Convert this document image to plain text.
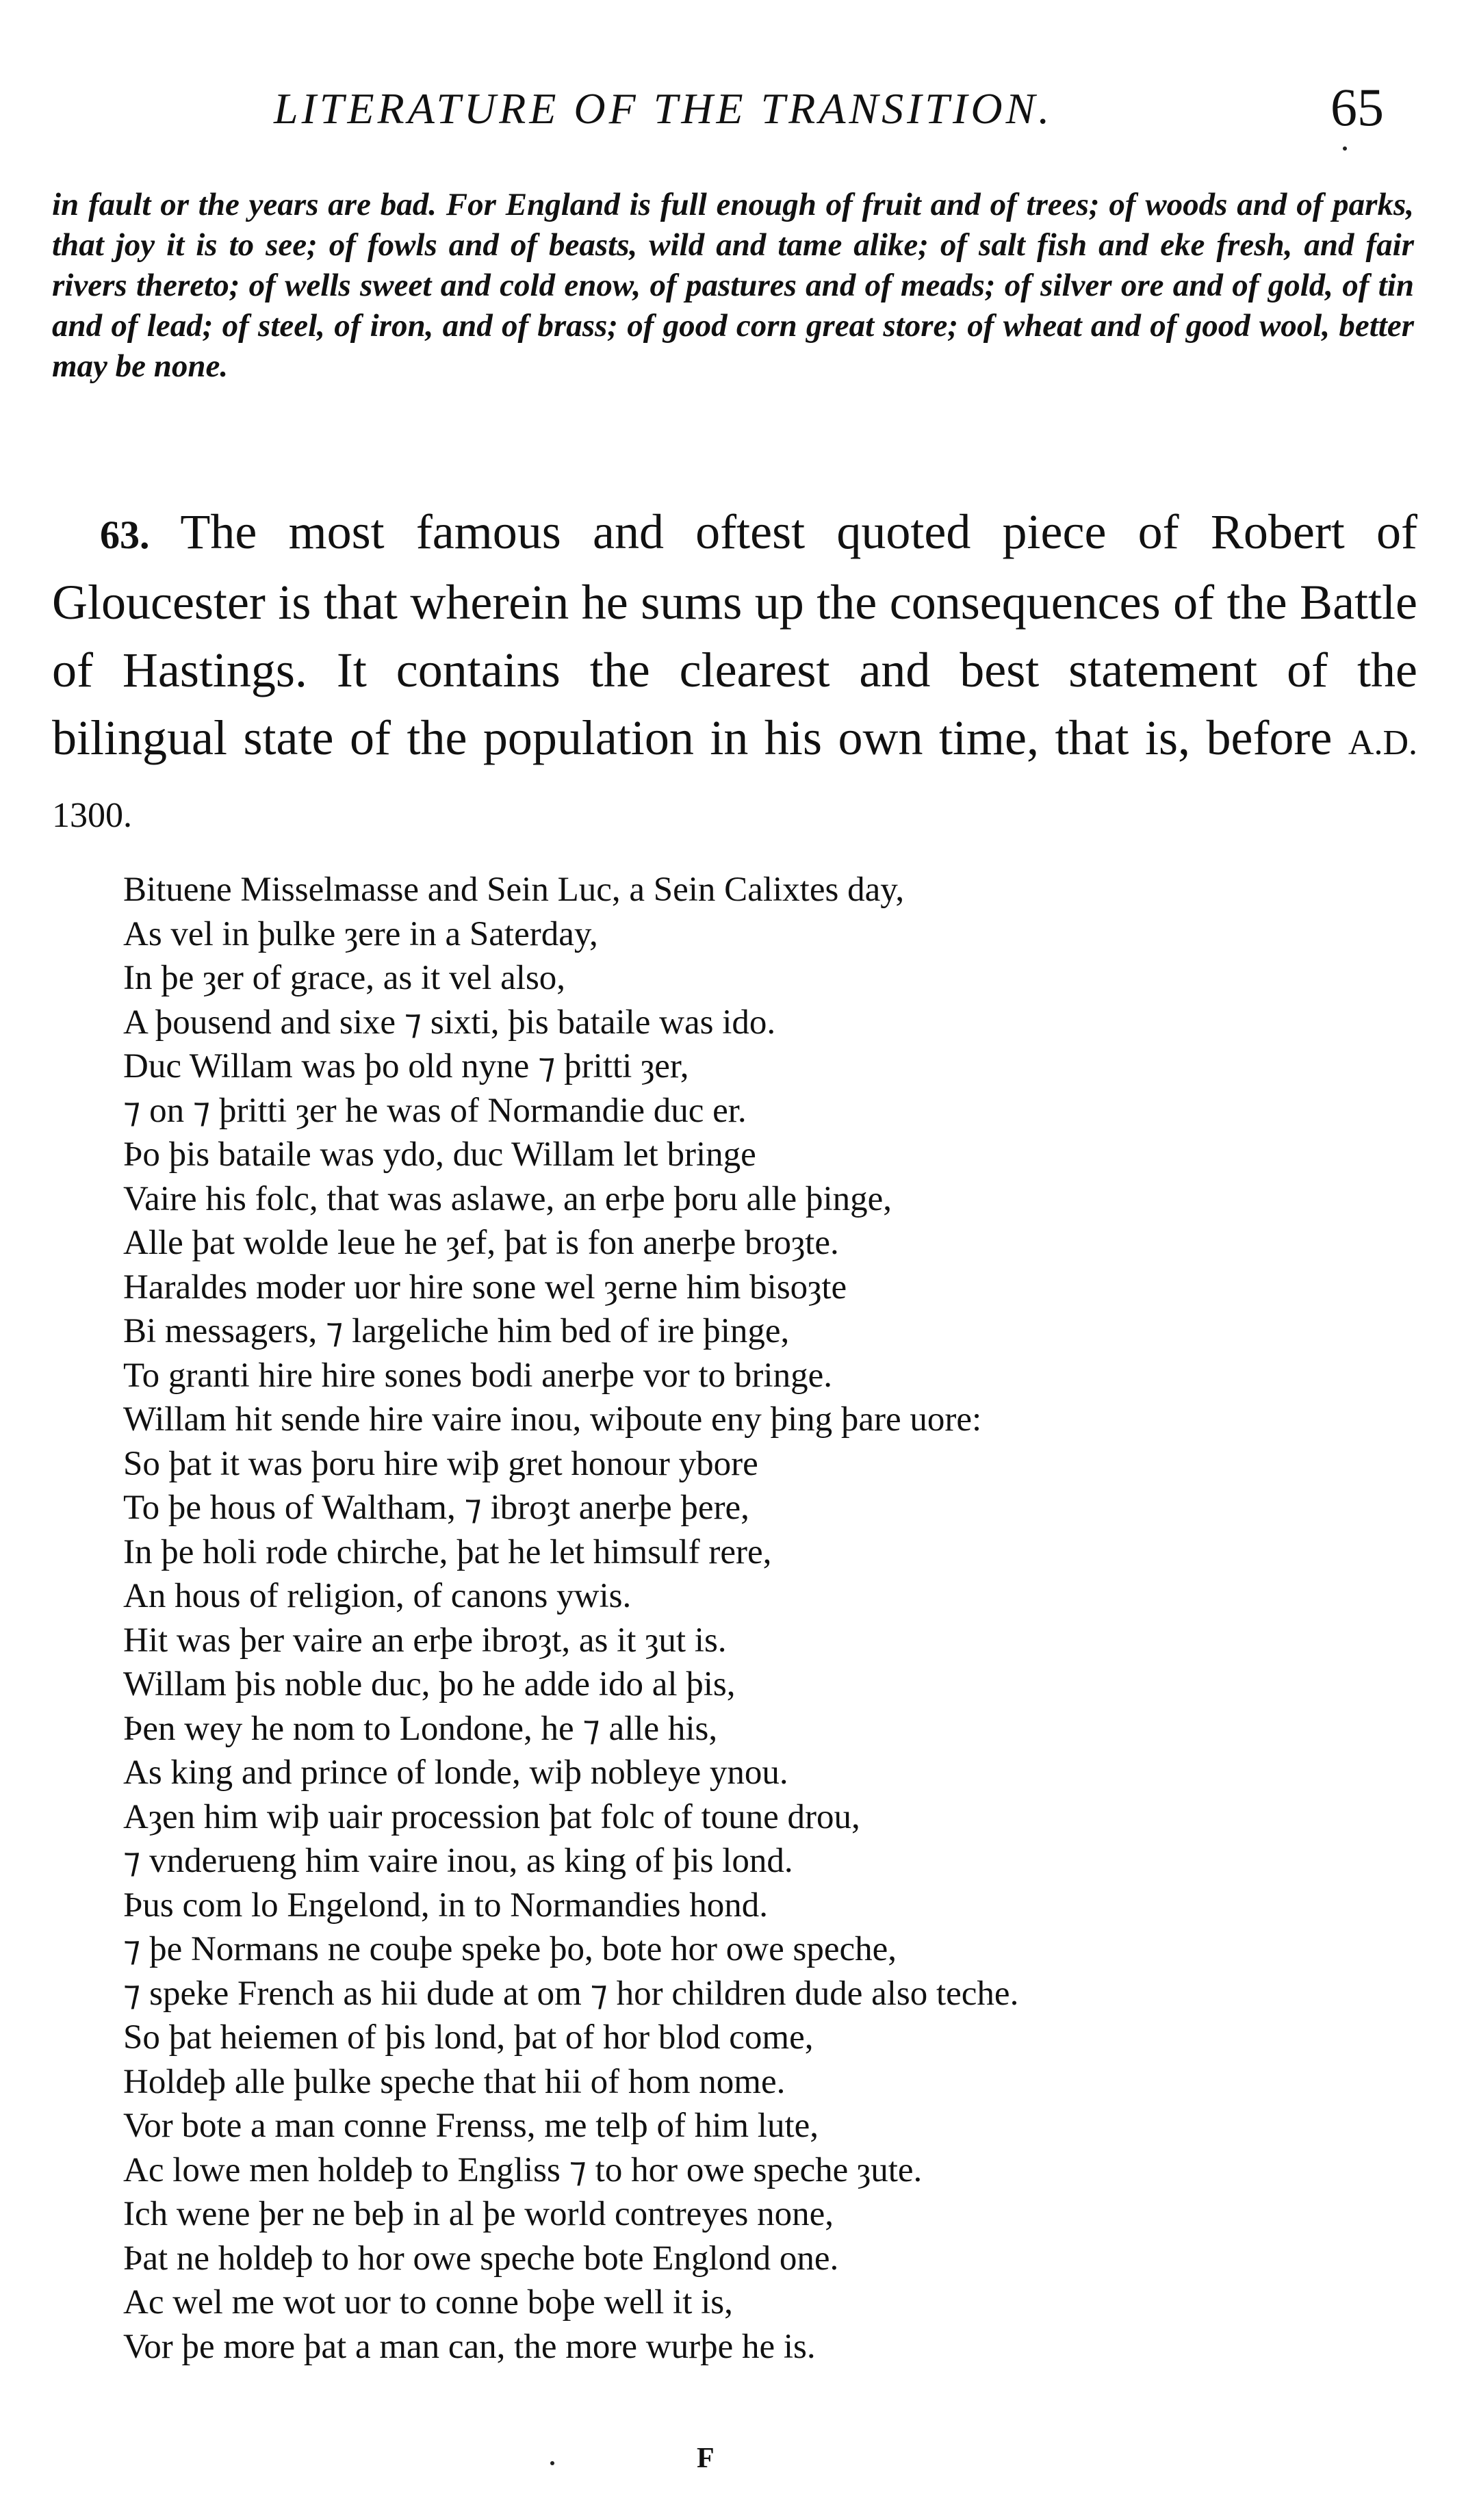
LITERATURE OF THE TRANSITION.	65
in fault or the years are bad. For England is full enough of fruit and of trees; of woods and of parks, that joy it is to see; of fowls and of beasts, wild and tame alike; of salt fish and eke fresh, and fair rivers thereto; of wells sweet and cold enow, of pastures and of meads; of silver ore and of gold, of tin and of lead; of steel, of iron, and of brass; of good corn great store; of wheat and of good wool, better may be none.
63. The most famous and oftest quoted piece of Robert of Gloucester is that wherein he sums up the consequences of the Battle of Hastings. It contains the clearest and best statement of the bilingual state of the population in his own time, that is, before A.D. 1300.
Bituene Misselmasse and Sein Luc, a Sein Calixtes day,
As vel in þulke ȝere in a Saterday,
In þe ȝer of grace, as it vel also,
A þousend and sixe ⁊ sixti, þis bataile was ido.
Duc Willam was þo old nyne ⁊ þritti ȝer,
⁊ on ⁊ þritti ȝer he was of Normandie duc er.
Þo þis bataile was ydo, duc Willam let bringe
Vaire his folc, that was aslawe, an erþe þoru alle þinge,
Alle þat wolde leue he ȝef, þat is fon anerþe broȝte.
Haraldes moder uor hire sone wel ȝerne him bisoȝte
Bi messagers, ⁊ largeliche him bed of ire þinge,
To granti hire hire sones bodi anerþe vor to bringe.
Willam hit sende hire vaire inou, wiþoute eny þing þare uore:
So þat it was þoru hire wiþ gret honour ybore
To þe hous of Waltham, ⁊ ibroȝt anerþe þere,
In þe holi rode chirche, þat he let himsulf rere,
An hous of religion, of canons ywis.
Hit was þer vaire an erþe ibroȝt, as it ȝut is.
Willam þis noble duc, þo he adde ido al þis,
Þen wey he nom to Londone, he ⁊ alle his,
As king and prince of londe, wiþ nobleye ynou.
Aȝen him wiþ uair procession þat folc of toune drou,
⁊ vnderueng him vaire inou, as king of þis lond.
Þus com lo Engelond, in to Normandies hond.
⁊ þe Normans ne couþe speke þo, bote hor owe speche,
⁊ speke French as hii dude at om ⁊ hor children dude also teche.
So þat heiemen of þis lond, þat of hor blod come,
Holdeþ alle þulke speche that hii of hom nome.
Vor bote a man conne Frenss, me telþ of him lute,
Ac lowe men holdeþ to Engliss ⁊ to hor owe speche ȝute.
Ich wene þer ne beþ in al þe world contreyes none,
Þat ne holdeþ to hor owe speche bote Englond one.
Ac wel me wot uor to conne boþe well it is,
Vor þe more þat a man can, the more wurþe he is.
F
